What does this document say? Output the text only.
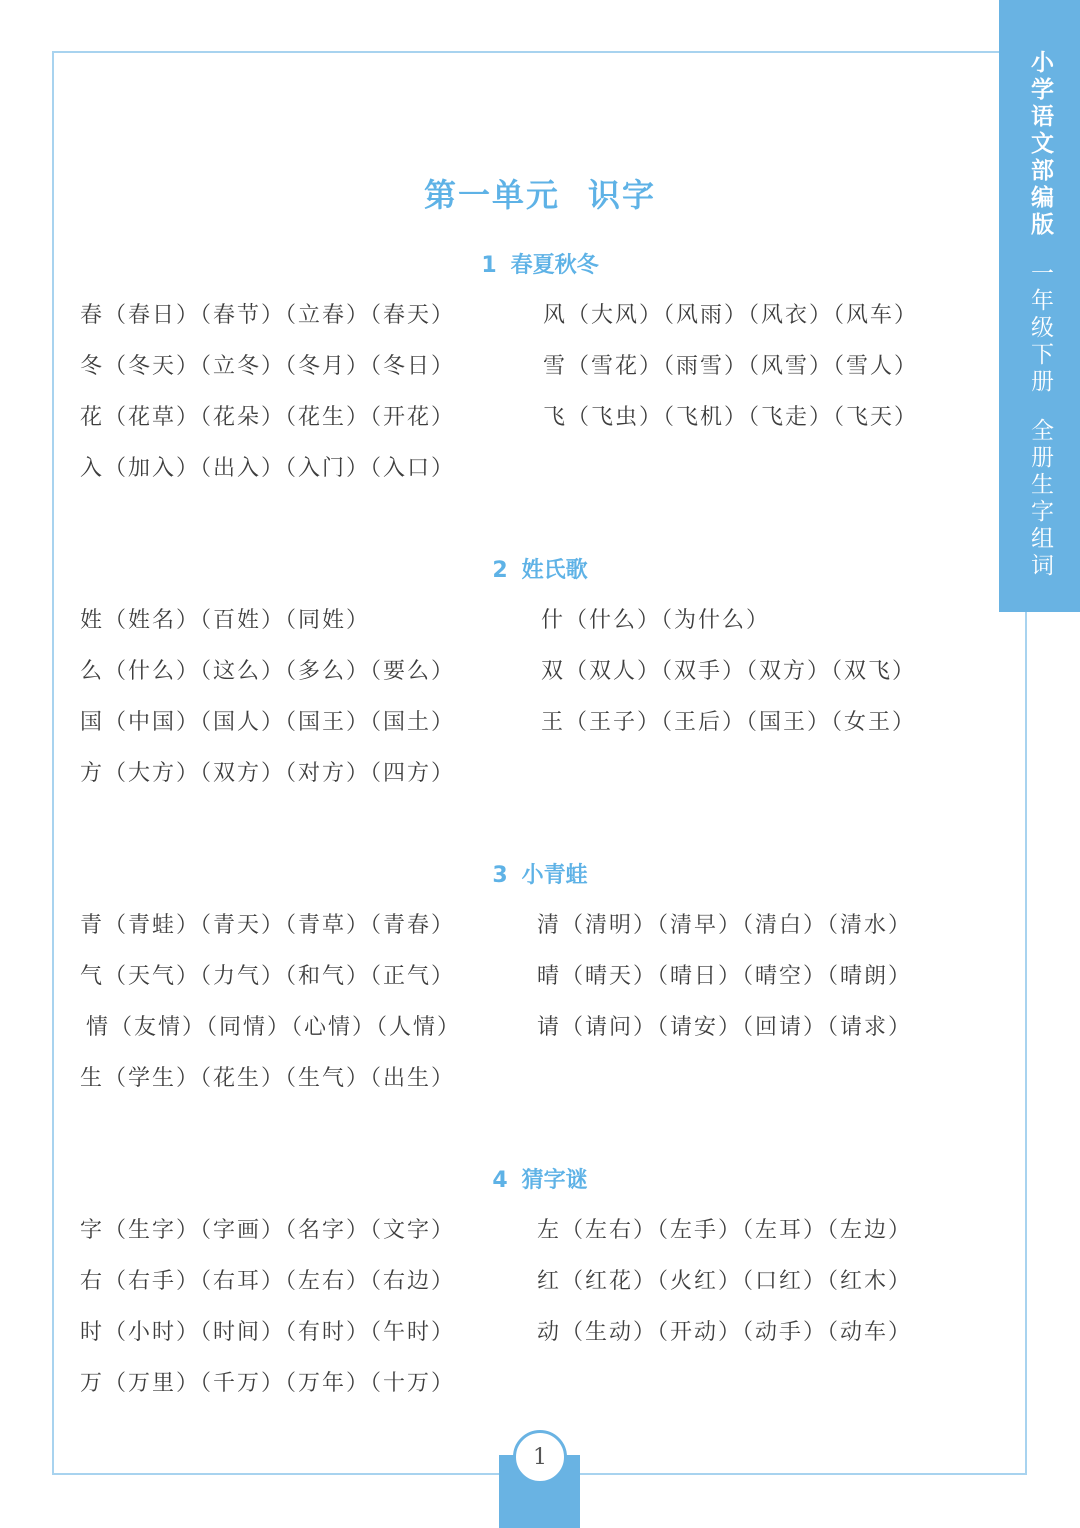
小学语文部编版一年级下册全册生字组词
第一单元 识字
1 春夏秋冬
春（春日）（春节）（立春）（春天）
冬（冬天）（立冬）（冬月）（冬日）
花（花草）（花朵）（花生）（开花）
入（加入）（出入）（入门）（入口）
风（大风）（风雨）（风衣）（风车）
雪（雪花）（雨雪）（风雪）（雪人）
飞（飞虫）（飞机）（飞走）（飞天）
2 姓氏歌
姓（姓名）（百姓）（同姓）
么（什么）（这么）（多么）（要么）
国（中国）（国人）（国王）（国土）
方（大方）（双方）（对方）（四方）
什（什么）（为什么）
双（双人）（双手）（双方）（双飞）
王（王子）（王后）（国王）（女王）
3 小青蛙
青（青蛙）（青天）（青草）（青春）
气（天气）（力气）（和气）（正气）
情（友情）（同情）（心情）（人情）
生（学生）（花生）（生气）（出生）
清（清明）（清早）（清白）（清水）
晴（晴天）（晴日）（晴空）（晴朗）
请（请问）（请安）（回请）（请求）
4 猜字谜
字（生字）（字画）（名字）（文字）
右（右手）（右耳）（左右）（右边）
时（小时）（时间）（有时）（午时）
万（万里）（千万）（万年）（十万）
左（左右）（左手）（左耳）（左边）
红（红花）（火红）（口红）（红木）
动（生动）（开动）（动手）（动车）
1
